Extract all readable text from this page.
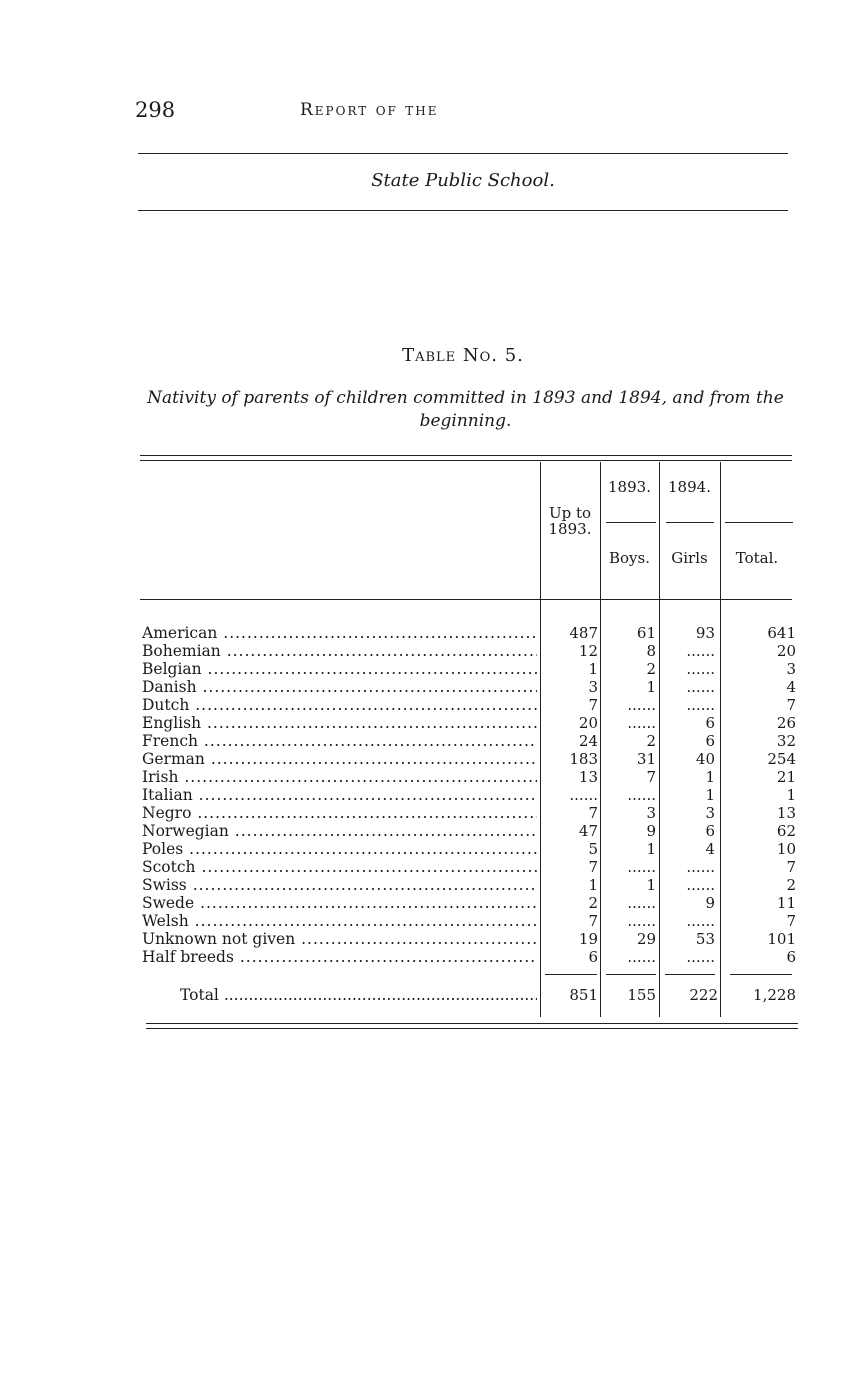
298	Report of the
State Public School.
Table No. 5.
Nativity of parents of children committed in 1893 and 1894, and from the beginning.
Up to 1893.
1893.	1894.
Boys.	Girls	Total.
American .....	487	61	93	641
Bohemian .....	12	8	......	20
Belgian .....	1	2	......	3
Danish .....	3	1	......	4
Dutch .....	7	......	......	7
English .....	20	......	6	26
French .....	24	2	6	32
German .....	183	31	40	254
Irish .....	13	7	1	21
Italian .....	......	......	1	1
Negro .....	7	3	3	13
Norwegian .....	47	9	6	62
Poles .....	5	1	4	10
Scotch .....	7	......	......	7
Swiss .....	1	1	......	2
Swede .....	2	......	9	11
Welsh .....	7	......	......	7
Unknown not given .....	19	29	53	101
Half breeds .....	6	......	......	6
Total .....	851	155	222	1,228
